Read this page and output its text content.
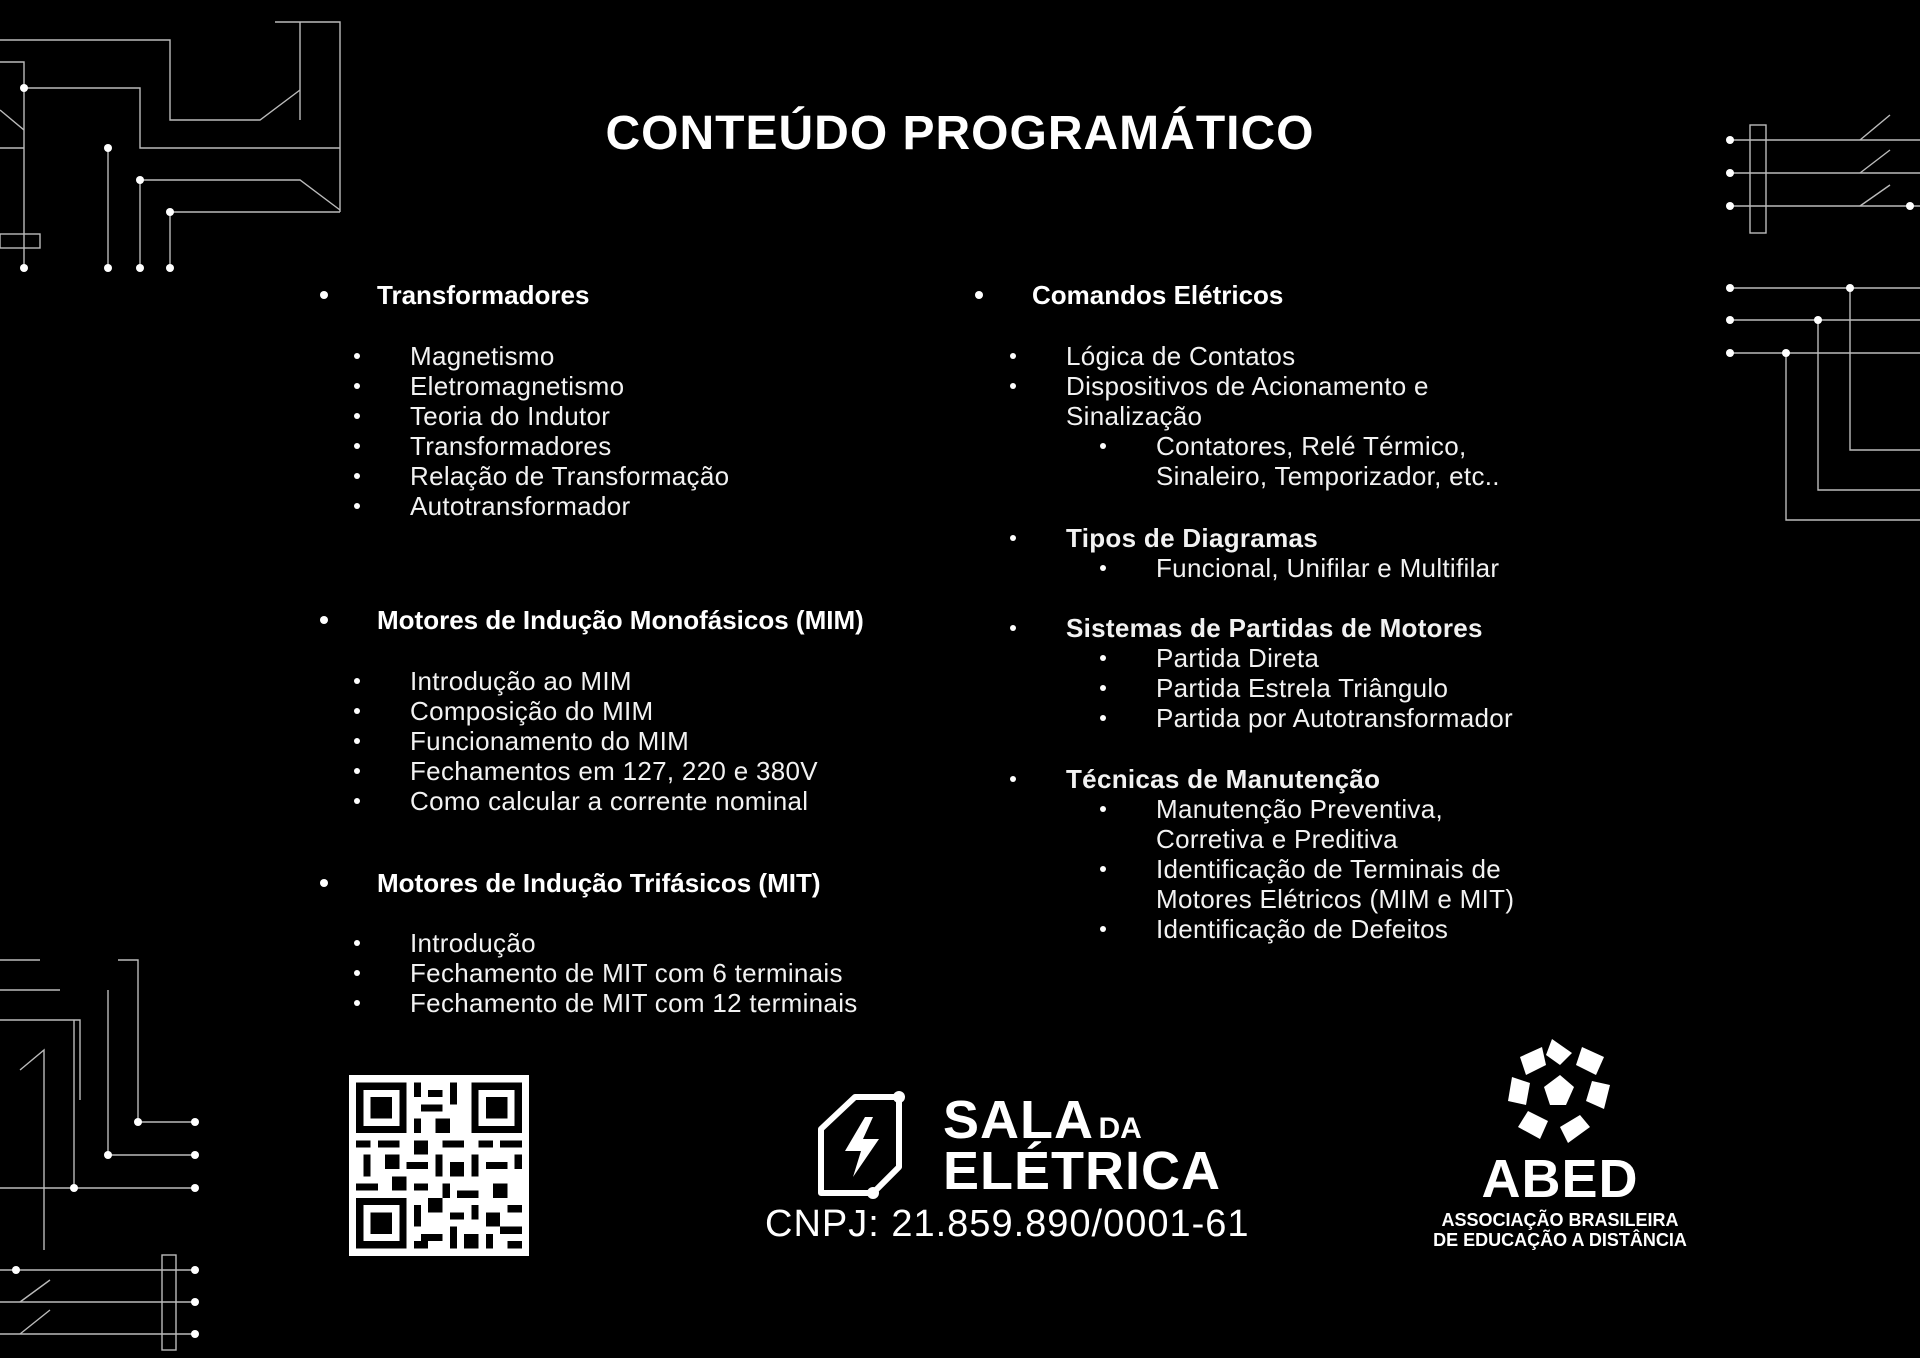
CONTEÚDO PROGRAMÁTICO
Transformadores
Magnetismo
Eletromagnetismo
Teoria do Indutor
Transformadores
Relação de Transformação
Autotransformador
Motores de Indução Monofásicos (MIM)
Introdução ao MIM
Composição do MIM
Funcionamento do MIM
Fechamentos em 127, 220 e 380V
Como calcular a corrente nominal
Motores de Indução Trifásicos (MIT)
Introdução
Fechamento de MIT com 6 terminais
Fechamento de MIT com 12 terminais
Comandos Elétricos
Lógica de Contatos
Dispositivos de Acionamento e
Sinalização
Contatores, Relé Térmico,
Sinaleiro, Temporizador, etc..
Tipos de Diagramas
Funcional, Unifilar e Multifilar
Sistemas de Partidas de Motores
Partida Direta
Partida Estrela Triângulo
Partida por Autotransformador
Técnicas de Manutenção
Manutenção Preventiva,
Corretiva e Preditiva
Identificação de Terminais de
Motores Elétricos (MIM e MIT)
Identificação de Defeitos
SALA DA
ELÉTRICA
CNPJ: 21.859.890/0001-61
ABED
ASSOCIAÇÃO BRASILEIRA
DE EDUCAÇÃO A DISTÂNCIA
